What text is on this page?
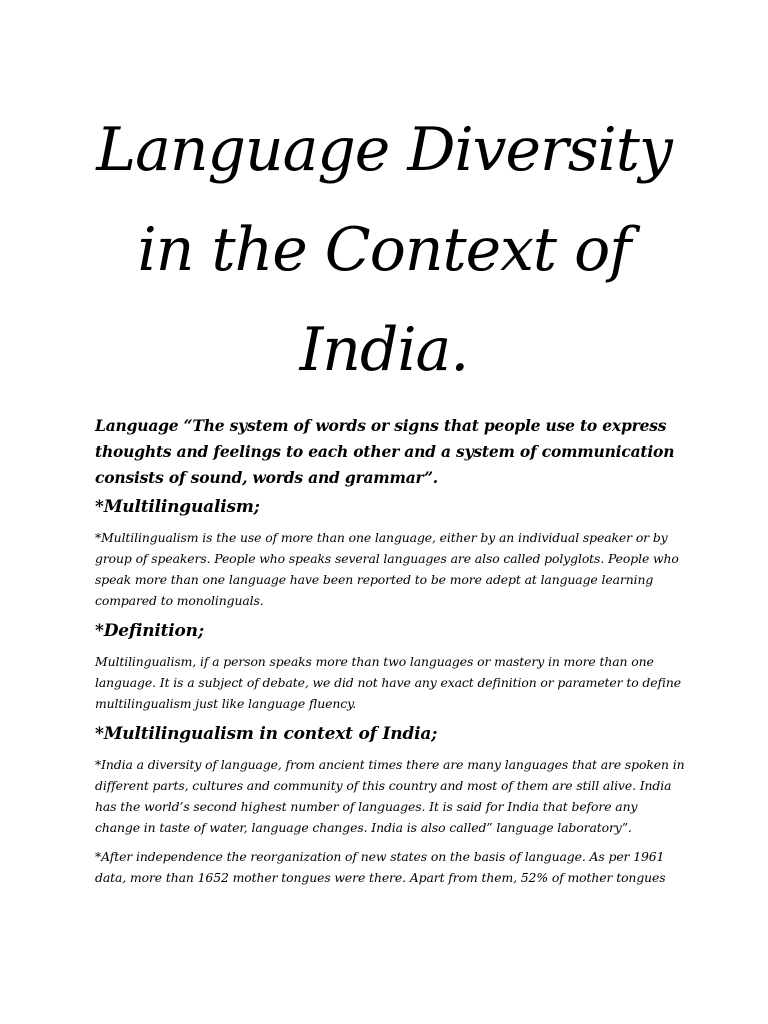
Language Diversity in the Context of India.

Language “The system of words or signs that people use to express thoughts and feelings to each other and a system of communication consists of sound, words and grammar”.

*Multilingualism;

*Multilingualism is the use of more than one language, either by an individual speaker or by group of speakers. People who speaks several languages are also called polyglots. People who speak more than one language have been reported to be more adept at language learning compared to monolinguals.

*Definition;

Multilingualism, if a person speaks more than two languages or mastery in more than one language. It is a subject of debate, we did not have any exact definition or parameter to define multilingualism just like language fluency.

*Multilingualism in context of India;

*India a diversity of language, from ancient times there are many languages that are spoken in different parts, cultures and community of this country and most of them are still alive. India has the world’s second highest number of languages. It is said for India that before any change in taste of water, language changes. India is also called” language laboratory”.

*After independence the reorganization of new states on the basis of language. As per 1961 data, more than 1652 mother tongues were there. Apart from them, 52% of mother tongues
